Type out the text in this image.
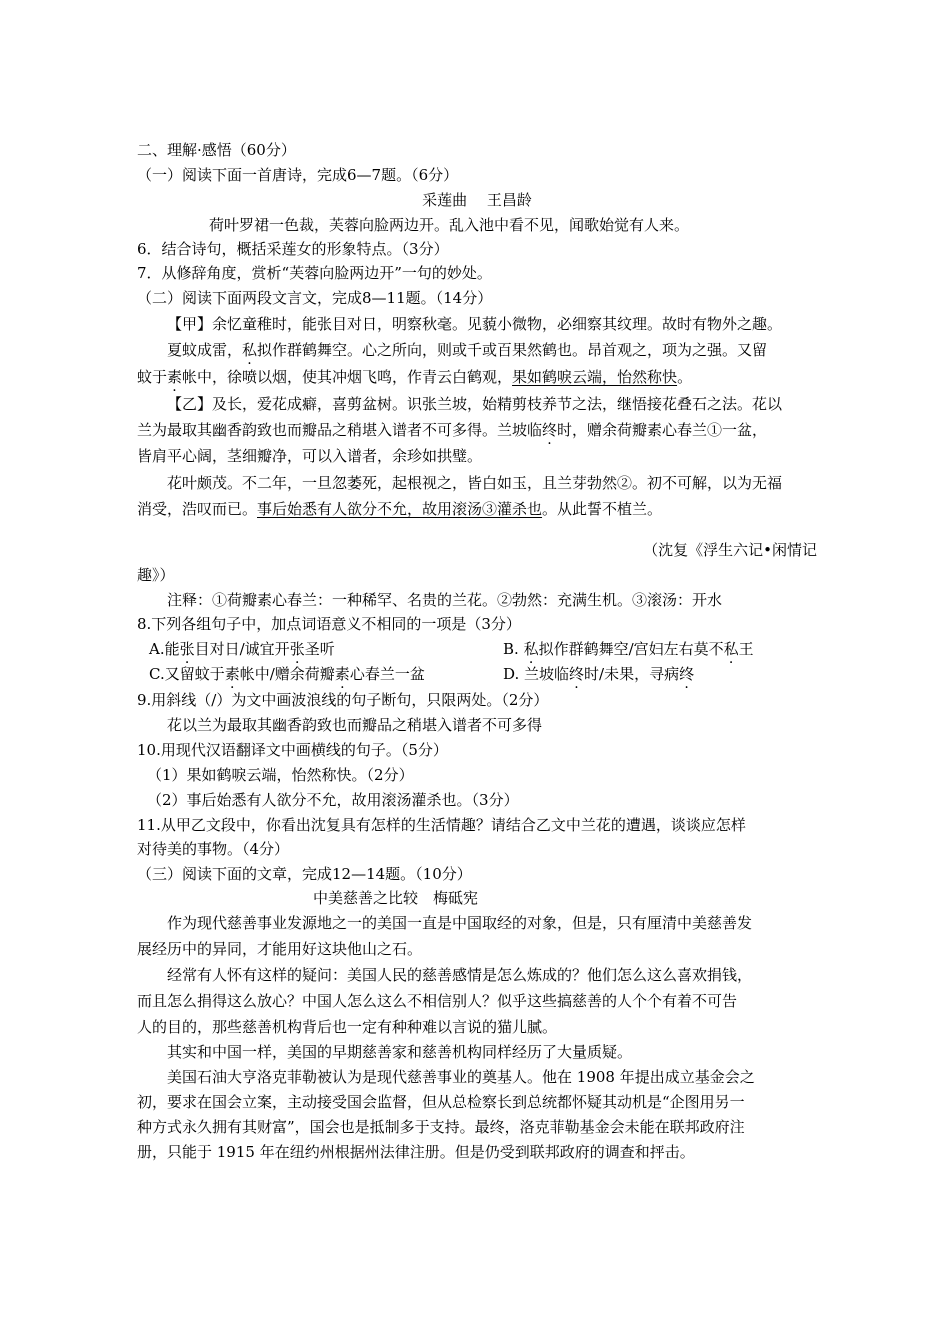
二、理解·感悟（60分）
（一）阅读下面一首唐诗，完成6—7题。（6分）
采莲曲　 王昌龄
荷叶罗裙一色裁，芙蓉向脸两边开。乱入池中看不见，闻歌始觉有人来。
6．结合诗句，概括采莲女的形象特点。（3分）
7．从修辞角度，赏析“芙蓉向脸两边开”一句的妙处。
（二）阅读下面两段文言文，完成8—11题。（14分）
【甲】余忆童稚时，能张目对日，明察秋毫。见藐小微物，必细察其纹理。故时有物外之趣。
夏蚊成雷，私拟作群鹤舞空。心之所向，则或千或百果然鹤也。昂首观之，项为之强。又留
蚊于素帐中，徐喷以烟，使其冲烟飞鸣，作青云白鹤观，果如鹤唳云端，怡然称快。
【乙】及长，爱花成癖，喜剪盆树。识张兰坡，始精剪枝养节之法，继悟接花叠石之法。花以
兰为最取其幽香韵致也而瓣品之稍堪入谱者不可多得。兰坡临终时，赠余荷瓣素心春兰①一盆，
皆肩平心阔，茎细瓣净，可以入谱者，余珍如拱璧。
花叶颇茂。不二年，一旦忽萎死，起根视之，皆白如玉，且兰芽勃然②。初不可解，以为无福
消受，浩叹而已。事后始悉有人欲分不允，故用滚汤③灌杀也。从此誓不植兰。
（沈复《浮生六记•闲情记
趣》）
注释：①荷瓣素心春兰：一种稀罕、名贵的兰花。②勃然：充满生机。③滚汤：开水
8.下列各组句子中，加点词语意义不相同的一项是（3分）
A.能张目对日/诚宜开张圣听	B. 私拟作群鹤舞空/宫妇左右莫不私王
C.又留蚊于素帐中/赠余荷瓣素心春兰一盆	D. 兰坡临终时/未果，寻病终
9.用斜线（/）为文中画波浪线的句子断句，只限两处。（2分）
花以兰为最取其幽香韵致也而瓣品之稍堪入谱者不可多得
10.用现代汉语翻译文中画横线的句子。（5分）
（1）果如鹤唳云端，怡然称快。（2分）
（2）事后始悉有人欲分不允，故用滚汤灌杀也。（3分）
11.从甲乙文段中，你看出沈复具有怎样的生活情趣？请结合乙文中兰花的遭遇，谈谈应怎样
对待美的事物。（4分）
（三）阅读下面的文章，完成12—14题。（10分）
中美慈善之比较　梅砥宪
作为现代慈善事业发源地之一的美国一直是中国取经的对象，但是，只有厘清中美慈善发
展经历中的异同，才能用好这块他山之石。
经常有人怀有这样的疑问：美国人民的慈善感情是怎么炼成的？他们怎么这么喜欢捐钱，
而且怎么捐得这么放心？中国人怎么这么不相信别人？似乎这些搞慈善的人个个有着不可告
人的目的，那些慈善机构背后也一定有种种难以言说的猫儿腻。
其实和中国一样，美国的早期慈善家和慈善机构同样经历了大量质疑。
美国石油大亨洛克菲勒被认为是现代慈善事业的奠基人。他在 1908 年提出成立基金会之
初，要求在国会立案，主动接受国会监督，但从总检察长到总统都怀疑其动机是“企图用另一
种方式永久拥有其财富”，国会也是抵制多于支持。最终，洛克菲勒基金会未能在联邦政府注
册，只能于 1915 年在纽约州根据州法律注册。但是仍受到联邦政府的调查和抨击。
